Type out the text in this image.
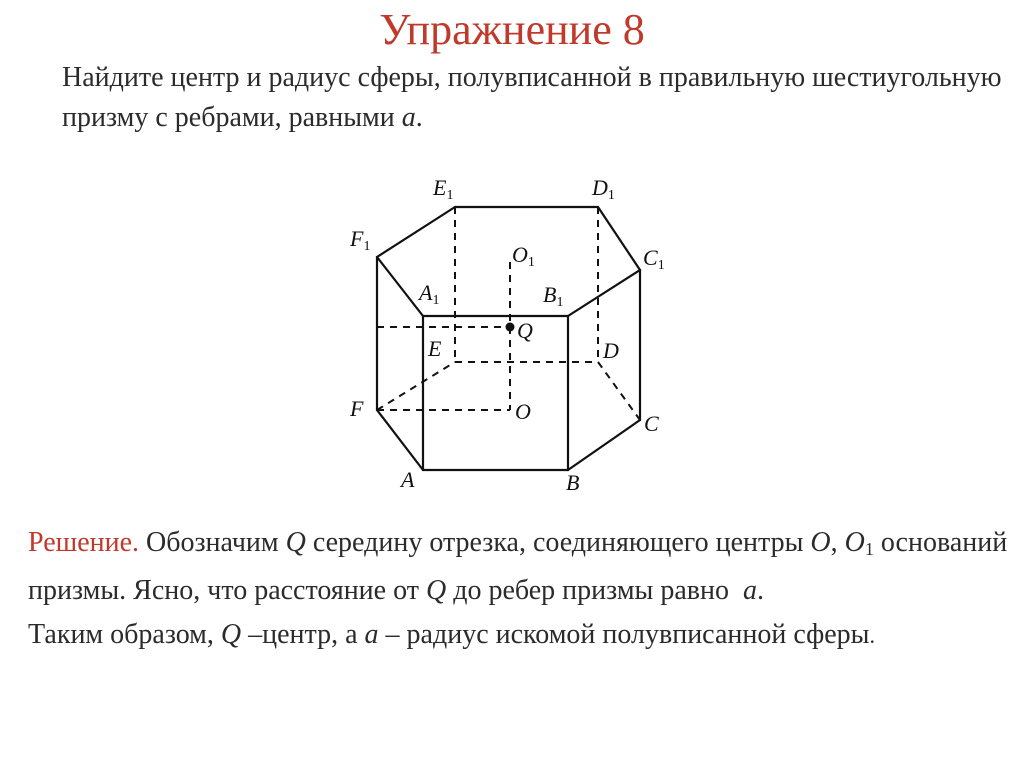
Упражнение 8
Найдите центр и радиус сферы, полувписанной в правильную шестиугольную призму с ребрами, равными a.
E1	D1
F1	O1	C1
A1	B1
Q
E	D
F	O	C
A	B

Решение. Обозначим Q середину отрезка, соединяющего центры O, $O_1$ оснований призмы. Ясно, что расстояние от Q до ребер призмы равно a.

Таким образом, Q –центр, а a – радиус искомой полувписанной сферы.
